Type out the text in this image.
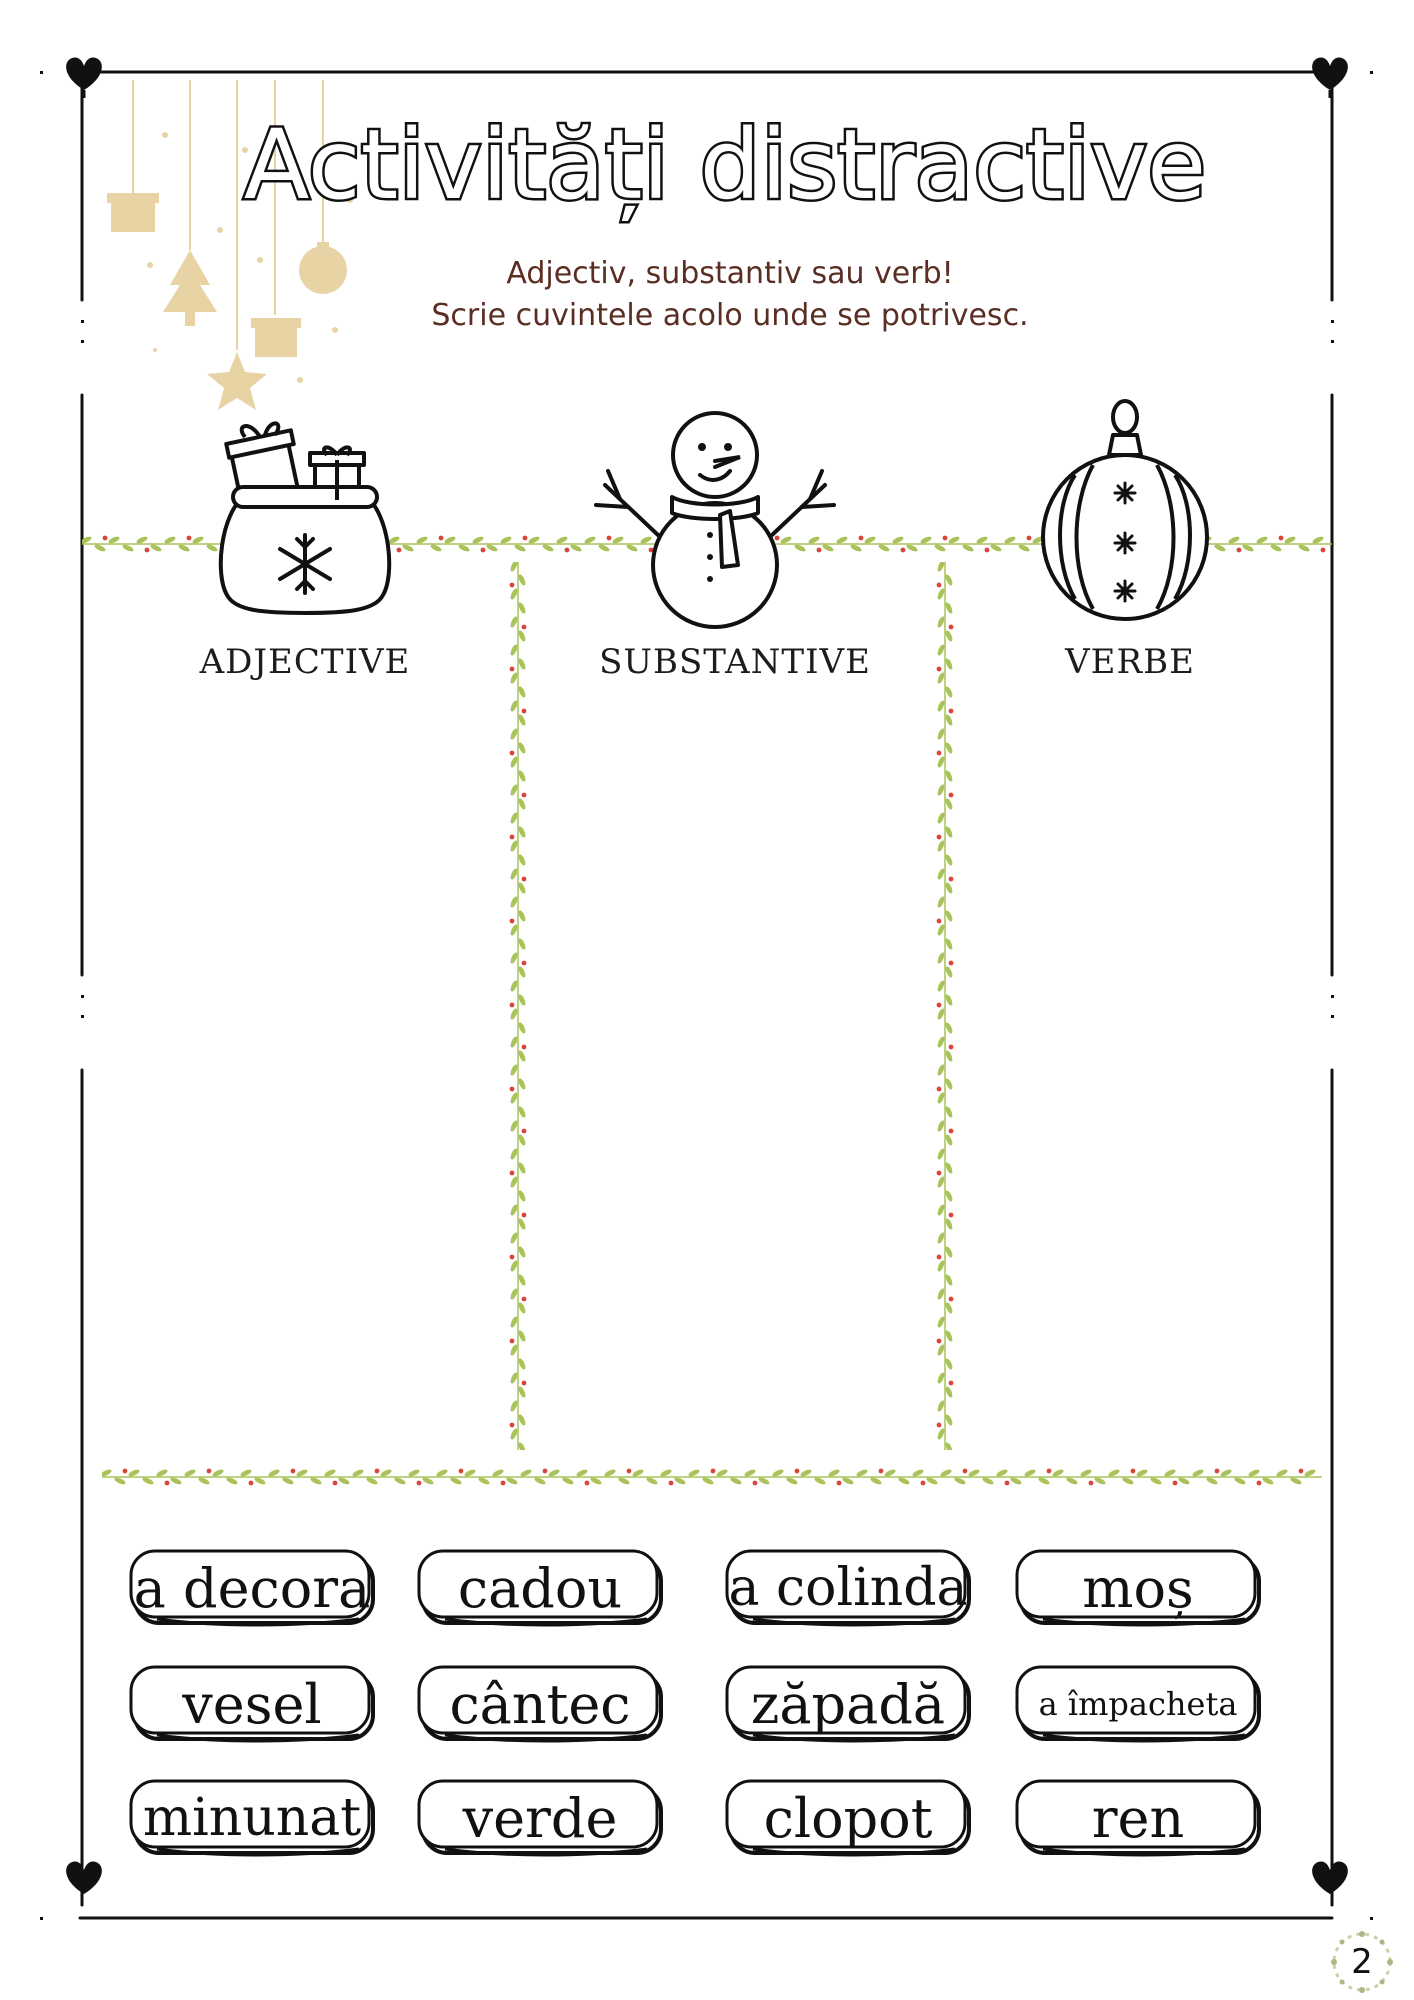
Activități distractive
Adjectiv, substantiv sau verb!
Scrie cuvintele acolo unde se potrivesc.
ADJECTIVE	SUBSTANTIVE	VERBE
a decora	cadou	a colinda	moș
vesel	cântec	zăpadă	a împacheta
minunat	verde	clopot	ren
2
